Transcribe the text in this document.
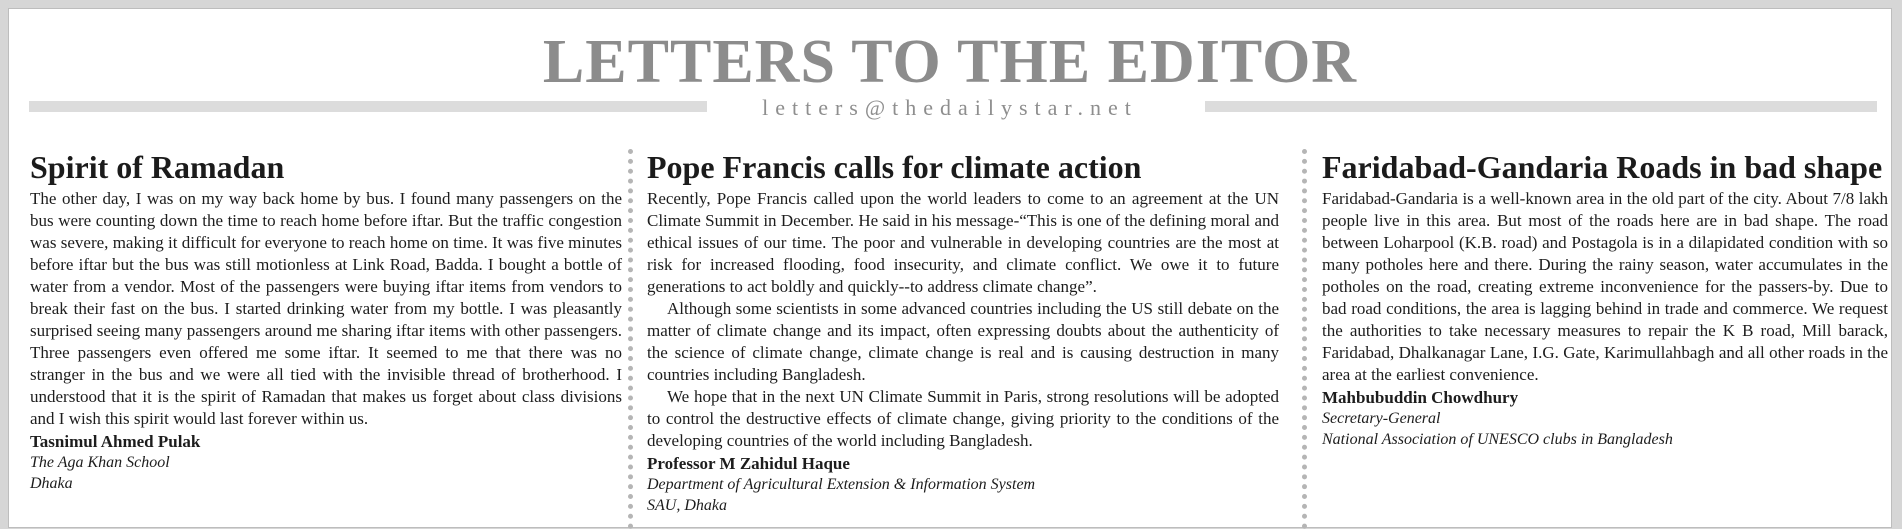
LETTERS TO THE EDITOR
letters@thedailystar.net
Spirit of Ramadan

The other day, I was on my way back home by bus. I found many passengers on the bus were counting down the time to reach home before iftar. But the traffic congestion was severe, making it difficult for everyone to reach home on time. It was five minutes before iftar but the bus was still motionless at Link Road, Badda. I bought a bottle of water from a vendor. Most of the passengers were buying iftar items from vendors to break their fast on the bus. I started drinking water from my bottle. I was pleasantly surprised seeing many passengers around me sharing iftar items with other passengers. Three passengers even offered me some iftar. It seemed to me that there was no stranger in the bus and we were all tied with the invisible thread of brotherhood. I understood that it is the spirit of Ramadan that makes us forget about class divisions and I wish this spirit would last forever within us.

Tasnimul Ahmed Pulak
The Aga Khan School
Dhaka
Pope Francis calls for climate action

Recently, Pope Francis called upon the world leaders to come to an agreement at the UN Climate Summit in December. He said in his message-“This is one of the defining moral and ethical issues of our time. The poor and vulnerable in developing countries are the most at risk for increased flooding, food insecurity, and climate conflict. We owe it to future generations to act boldly and quickly--to address climate change”.

Although some scientists in some advanced countries including the US still debate on the matter of climate change and its impact, often expressing doubts about the authenticity of the science of climate change, climate change is real and is causing destruction in many countries including Bangladesh.

We hope that in the next UN Climate Summit in Paris, strong resolutions will be adopted to control the destructive effects of climate change, giving priority to the conditions of the developing countries of the world including Bangladesh.

Professor M Zahidul Haque
Department of Agricultural Extension & Information System
SAU, Dhaka
Faridabad-Gandaria Roads in bad shape

Faridabad-Gandaria is a well-known area in the old part of the city. About 7/8 lakh people live in this area. But most of the roads here are in bad shape. The road between Loharpool (K.B. road) and Postagola is in a dilapidated condition with so many potholes here and there. During the rainy season, water accumulates in the potholes on the road, creating extreme inconvenience for the passers-by. Due to bad road conditions, the area is lagging behind in trade and commerce. We request the authorities to take necessary measures to repair the K B road, Mill barack, Faridabad, Dhalkanagar Lane, I.G. Gate, Karimullahbagh and all other roads in the area at the earliest convenience.

Mahbubuddin Chowdhury
Secretary-General
National Association of UNESCO clubs in Bangladesh
